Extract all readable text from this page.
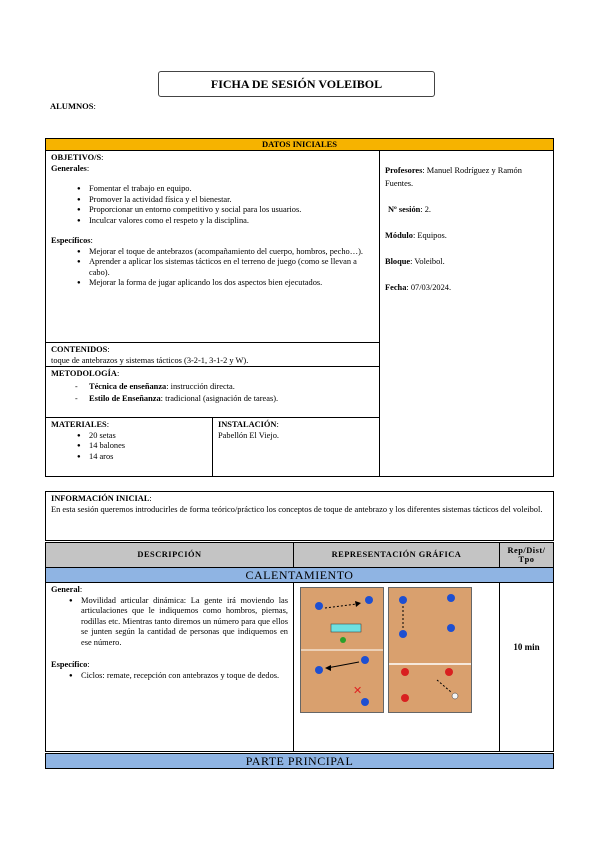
FICHA DE SESIÓN VOLEIBOL
ALUMNOS:
DATOS INICIALES
OBJETIVO/S:
Generales:
● Fomentar el trabajo en equipo.
● Promover la actividad física y el bienestar.
● Proporcionar un entorno competitivo y social para los usuarios.
● Inculcar valores como el respeto y la disciplina.
Específicos:
● Mejorar el toque de antebrazos (acompañamiento del cuerpo, hombros, pecho…).
● Aprender a aplicar los sistemas tácticos en el terreno de juego (como se llevan a cabo).
● Mejorar la forma de jugar aplicando los dos aspectos bien ejecutados.
Profesores: Manuel Rodríguez y Ramón Fuentes.
Nº sesión: 2.
Módulo: Equipos.
Bloque: Voleibol.
Fecha: 07/03/2024.
CONTENIDOS:
toque de antebrazos y sistemas tácticos (3-2-1, 3-1-2 y W).
METODOLOGÍA:
- Técnica de enseñanza: instrucción directa.
- Estilo de Enseñanza: tradicional (asignación de tareas).
MATERIALES:
● 20 setas
● 14 balones
● 14 aros
INSTALACIÓN:
Pabellón El Viejo.
INFORMACIÓN INICIAL:
En esta sesión queremos introducirles de forma teórico/práctico los conceptos de toque de antebrazo y los diferentes sistemas tácticos del voleibol.
DESCRIPCIÓN	REPRESENTACIÓN GRÁFICA	Rep/Dist/
Tpo
CALENTAMIENTO
General:
● Movilidad articular dinámica: La gente irá moviendo las articulaciones que le indiquemos como hombros, piernas, rodillas etc. Mientras tanto diremos un número para que ellos se junten según la cantidad de personas que indiquemos en ese número.
Específico:
● Ciclos: remate, recepción con antebrazos y toque de dedos.
✕
10 min
PARTE PRINCIPAL
